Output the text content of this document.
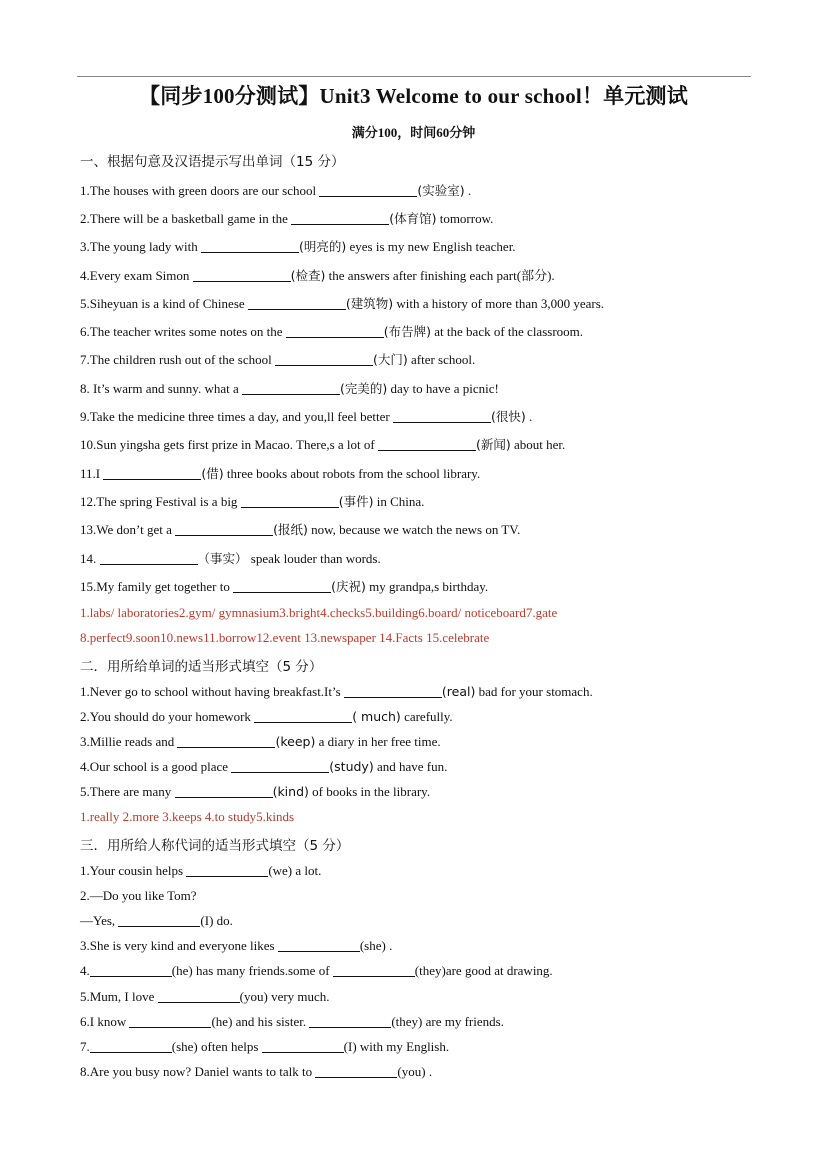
【同步100分测试】Unit3 Welcome to our school！单元测试
满分100，时间60分钟
一、根据句意及汉语提示写出单词（15 分）
1.The houses with green doors are our school	(实验室) .
2.There will be a basketball game in the	(体育馆) tomorrow.
3.The young lady with	(明亮的) eyes is my new English teacher.
4.Every exam Simon	(检查) the answers after finishing each part(部分).
5.Siheyuan is a kind of Chinese	(建筑物) with a history of more than 3,000 years.
6.The teacher writes some notes on the	(布告牌) at the back of the classroom.
7.The children rush out of the school	(大门) after school.
8. It’s warm and sunny. what a	(完美的) day to have a picnic!
9.Take the medicine three times a day, and you,ll feel better	(很快) .
10.Sun yingsha gets first prize in Macao. There,s a lot of	(新闻) about her.
11.I	(借) three books about robots from the school library.
12.The spring Festival is a big	(事件) in China.
13.We don’t get a	(报纸) now, because we watch the news on TV.
14.	（事实） speak louder than words.
15.My family get together to	(庆祝) my grandpa,s birthday.
1.labs/ laboratories2.gym/ gymnasium3.bright4.checks5.building6.board/ noticeboard7.gate
8.perfect9.soon10.news11.borrow12.event 13.newspaper 14.Facts 15.celebrate
二．用所给单词的适当形式填空（5 分）
1.Never go to school without having breakfast.It’s	(real) bad for your stomach.
2.You should do your homework	( much) carefully.
3.Millie reads and	(keep) a diary in her free time.
4.Our school is a good place	(study) and have fun.
5.There are many	(kind) of books in the library.
1.really 2.more 3.keeps 4.to study5.kinds
三．用所给人称代词的适当形式填空（5 分）
1.Your cousin helps	(we) a lot.
2.—Do you like Tom?
—Yes,	(I) do.
3.She is very kind and everyone likes	(she) .
4.	(he) has many friends.some of	(they)are good at drawing.
5.Mum, I love	(you) very much.
6.I know	(he) and his sister.	(they) are my friends.
7.	(she) often helps	(I) with my English.
8.Are you busy now? Daniel wants to talk to	(you) .
